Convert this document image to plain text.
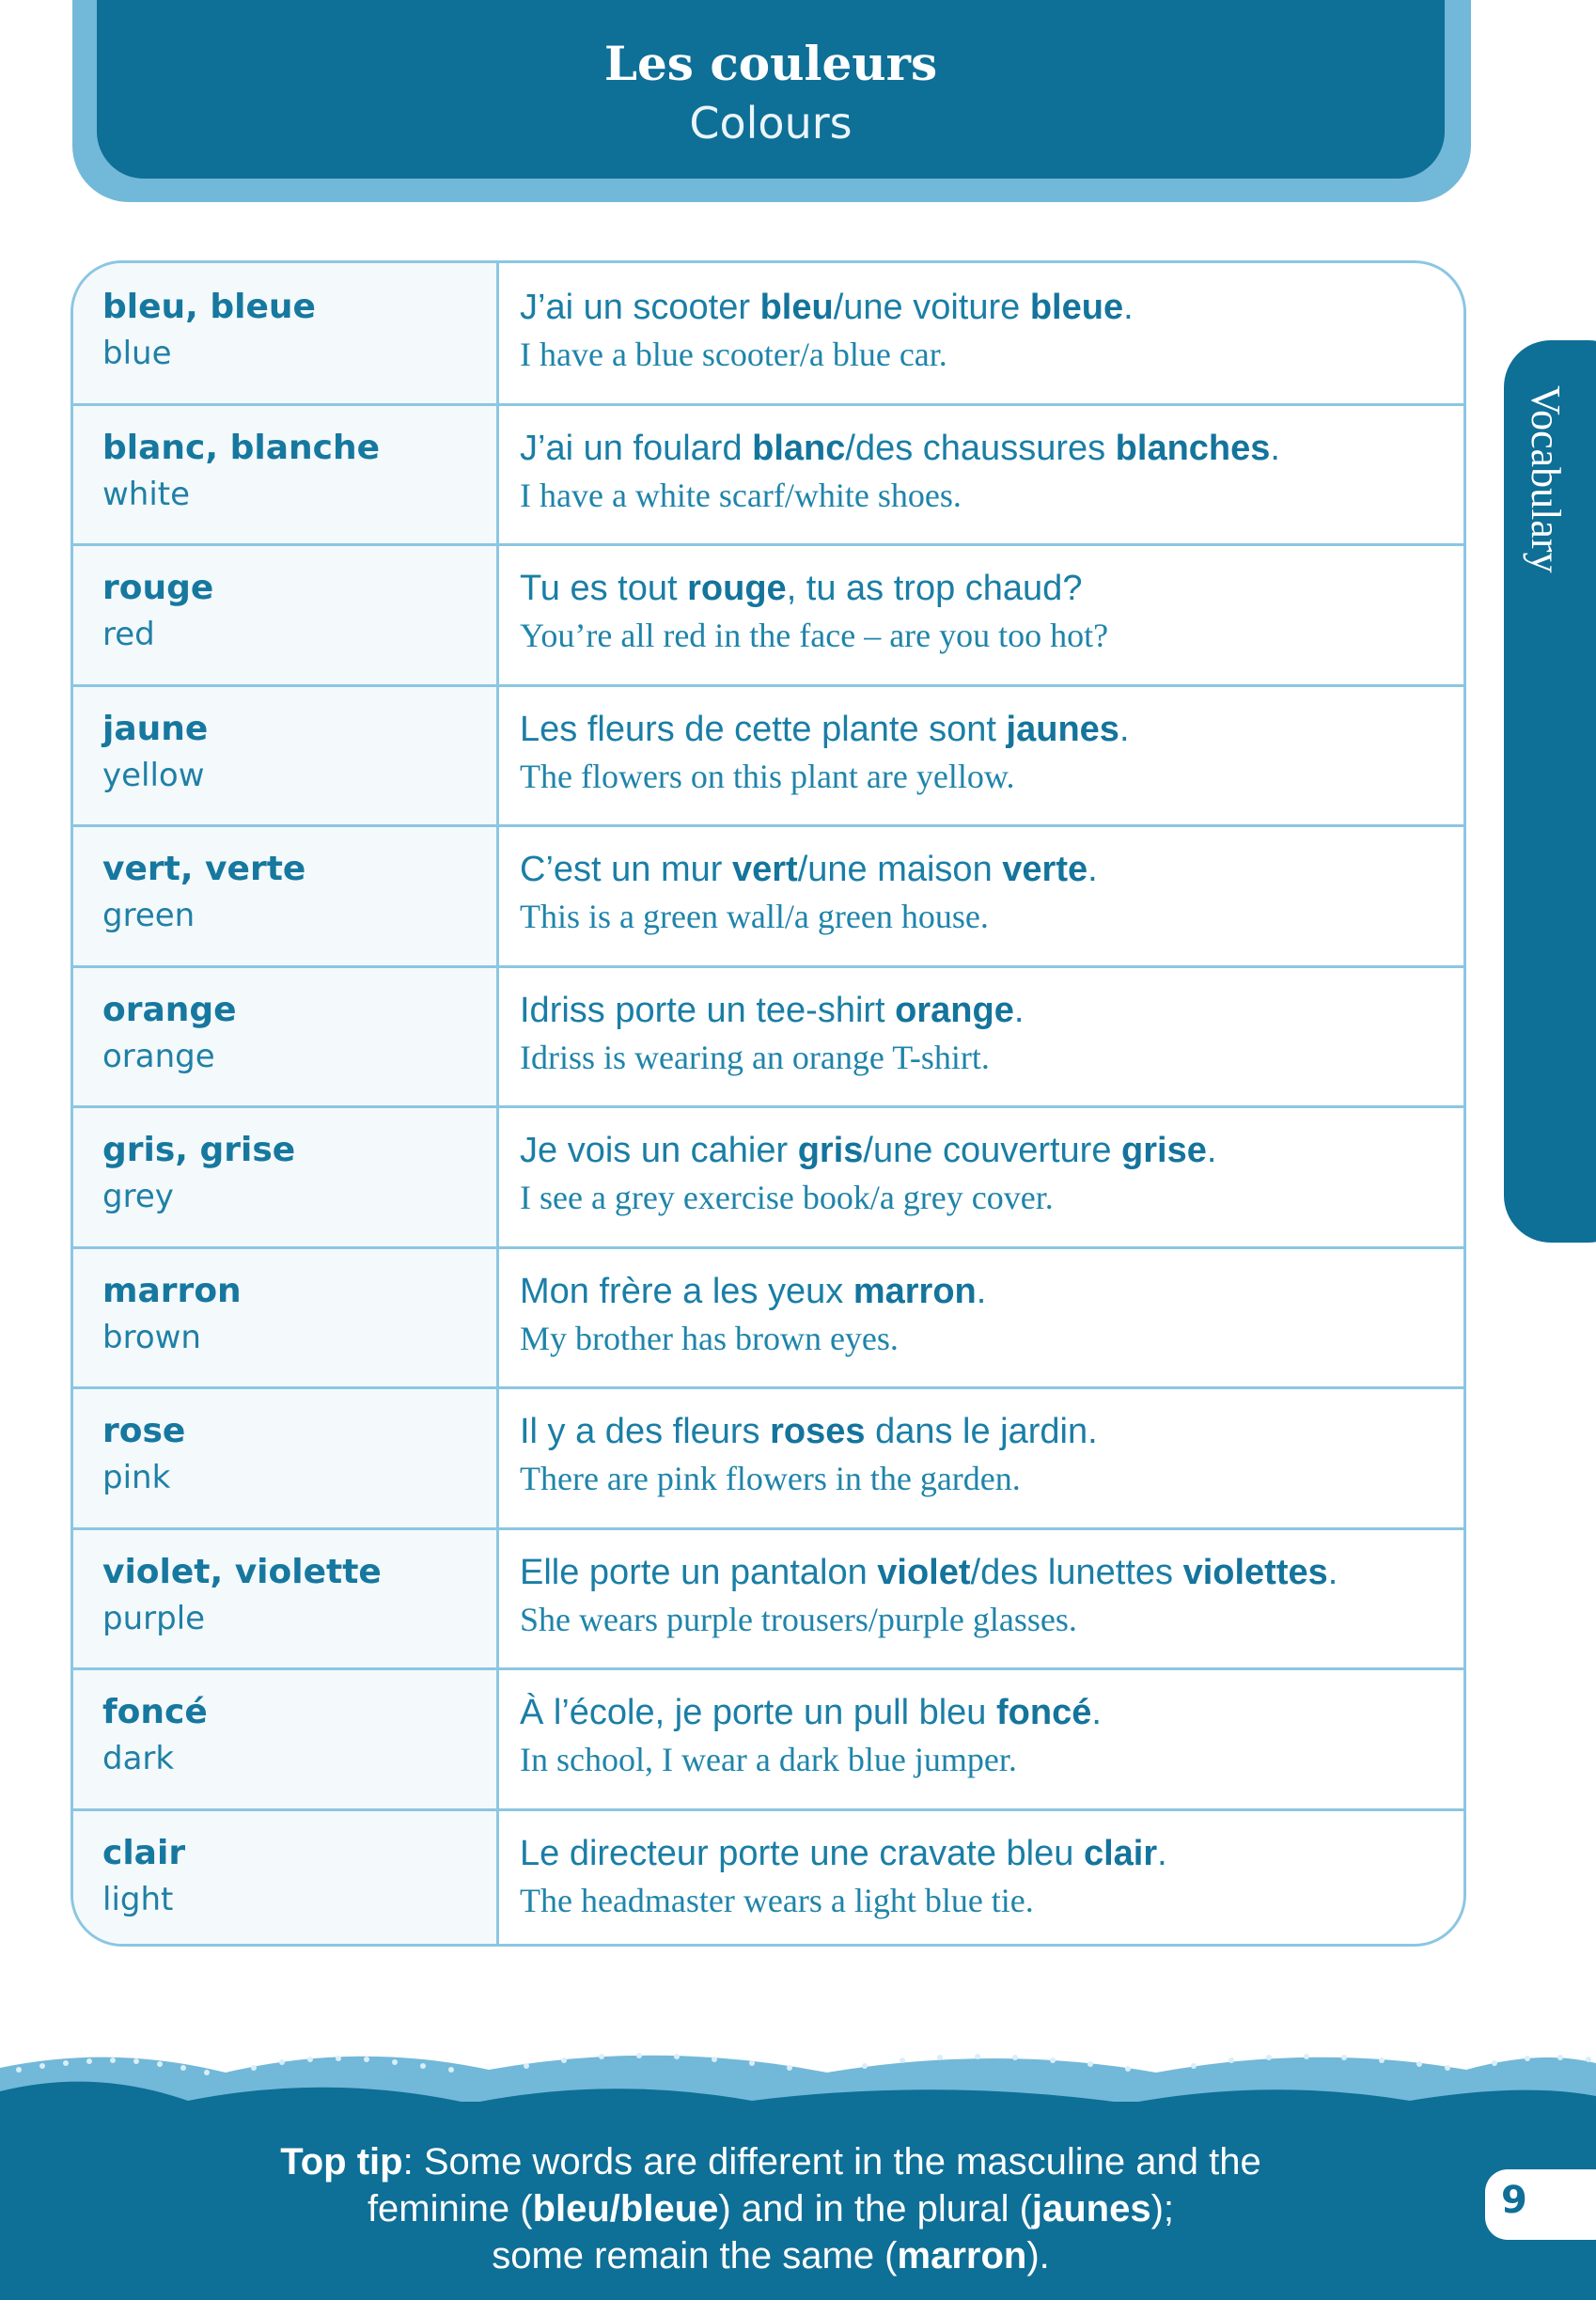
Les couleurs
Colours
Vocabulary
bleu, bleue
blue
J’ai un scooter bleu/une voiture bleue.
I have a blue scooter/a blue car.
blanc, blanche
white
J’ai un foulard blanc/des chaussures blanches.
I have a white scarf/white shoes.
rouge
red
Tu es tout rouge, tu as trop chaud?
You’re all red in the face – are you too hot?
jaune
yellow
Les fleurs de cette plante sont jaunes.
The flowers on this plant are yellow.
vert, verte
green
C’est un mur vert/une maison verte.
This is a green wall/a green house.
orange
orange
Idriss porte un tee-shirt orange.
Idriss is wearing an orange T-shirt.
gris, grise
grey
Je vois un cahier gris/une couverture grise.
I see a grey exercise book/a grey cover.
marron
brown
Mon frère a les yeux marron.
My brother has brown eyes.
rose
pink
Il y a des fleurs roses dans le jardin.
There are pink flowers in the garden.
violet, violette
purple
Elle porte un pantalon violet/des lunettes violettes.
She wears purple trousers/purple glasses.
foncé
dark
À l’école, je porte un pull bleu foncé.
In school, I wear a dark blue jumper.
clair
light
Le directeur porte une cravate bleu clair.
The headmaster wears a light blue tie.
Top tip: Some words are different in the masculine and the
feminine (bleu/bleue) and in the plural (jaunes);
some remain the same (marron).
9
